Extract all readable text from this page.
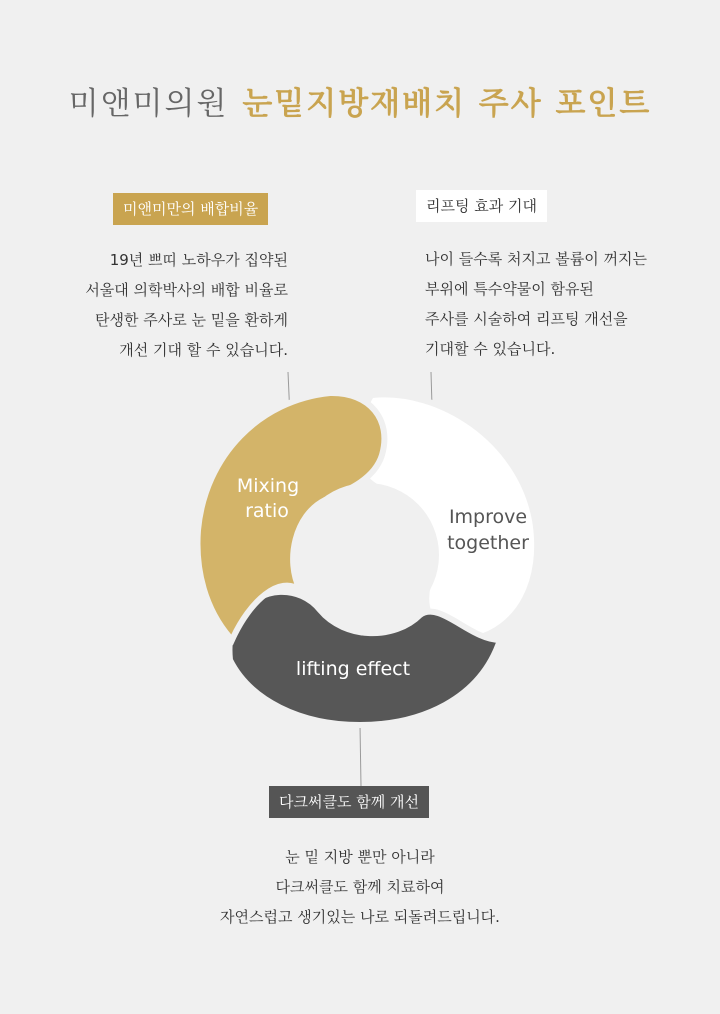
미앤미의원 눈밑지방재배치 주사 포인트
미앤미만의 배합비율	리프팅 효과 기대
다크써클도 함께 개선
19년 쁘띠 노하우가 집약된
서울대 의학박사의 배합 비율로
탄생한 주사로 눈 밑을 환하게
개선 기대 할 수 있습니다.
나이 들수록 처지고 볼륨이 꺼지는
부위에 특수약물이 함유된
주사를 시술하여 리프팅 개선을
기대할 수 있습니다.
눈 밑 지방 뿐만 아니라
다크써클도 함께 치료하여
자연스럽고 생기있는 나로 되돌려드립니다.
Mixing
ratio	Improve
together
lifting effect
